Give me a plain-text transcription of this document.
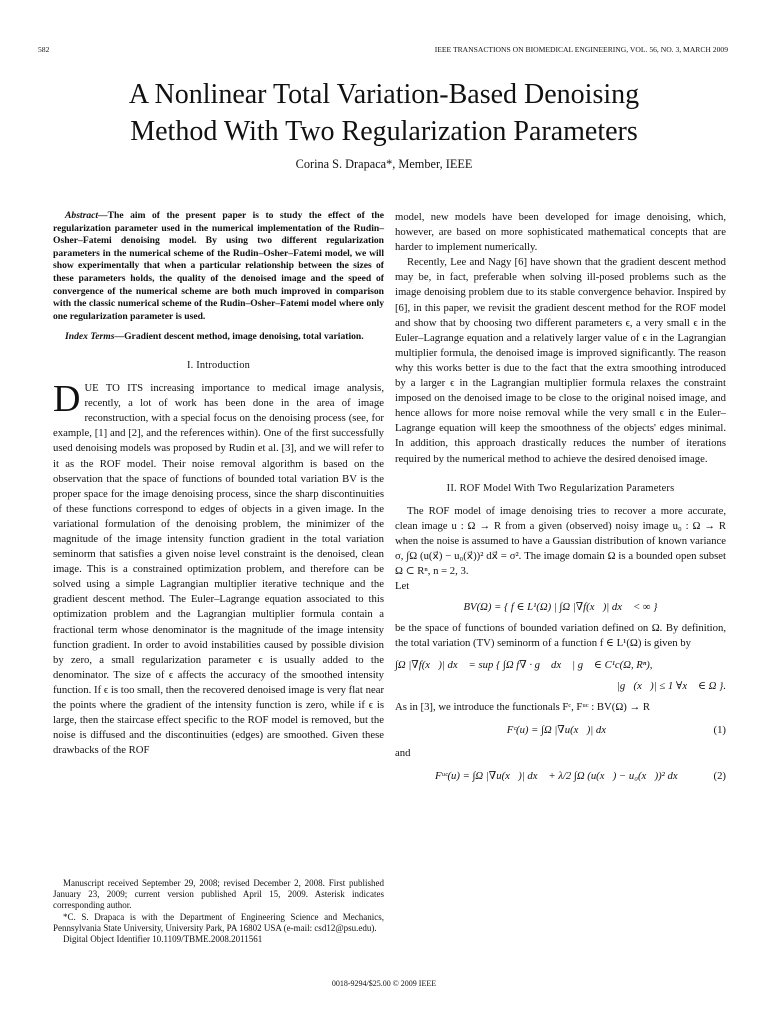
582	IEEE TRANSACTIONS ON BIOMEDICAL ENGINEERING, VOL. 56, NO. 3, MARCH 2009
A Nonlinear Total Variation-Based Denoising
Method With Two Regularization Parameters
Corina S. Drapaca*, Member, IEEE

Abstract—The aim of the present paper is to study the effect of the regularization parameter used in the numerical implementation of the Rudin–Osher–Fatemi denoising model. By using two different regularization parameters in the numerical scheme of the Rudin–Osher–Fatemi model, we will show experimentally that when a particular relationship between the sizes of these parameters holds, the quality of the denoised image and the speed of convergence of the numerical scheme are both much improved in comparison with the classic numerical scheme of the Rudin–Osher–Fatemi model where only one regularization parameter is used.

Index Terms—Gradient descent method, image denoising, total variation.

I. Introduction

DUE TO ITS increasing importance to medical image analysis, recently, a lot of work has been done in the area of image reconstruction, with a special focus on the denoising process (see, for example, [1] and [2], and the references within). One of the first successfully used denoising models was proposed by Rudin et al. [3], and we will refer to it as the ROF model. Their noise removal algorithm is based on the observation that the space of functions of bounded total variation BV is the proper space for the image denoising process, since the sharp discontinuities of these functions correspond to edges of objects in a given image. In the variational formulation of the denoising problem, the minimizer of the magnitude of the image intensity function gradient in the total variation seminorm that satisfies a given noise level constraint is the denoised, clean image. This is a constrained optimization problem, and therefore can be solved using a simple Lagrangian multiplier iterative technique and the gradient descent method. The Euler–Lagrange equation associated to this optimization problem and the Lagrangian multiplier formula contain a fractional term whose denominator is the magnitude of the image intensity function gradient. In order to avoid instabilities caused by possible division by zero, a small regularization parameter ϵ is usually added to the denominator. The size of ϵ affects the accuracy of the smoothed intensity function. If ϵ is too small, then the recovered denoised image is very flat near the points where the gradient of the intensity function is zero, while if ϵ is large, then the staircase effect specific to the ROF model is removed, but the noise is diffused and the discontinuities (edges) are smoothed. Given these drawbacks of the ROF

model, new models have been developed for image denoising, which, however, are based on more sophisticated mathematical concepts that are harder to implement numerically.

Recently, Lee and Nagy [6] have shown that the gradient descent method may be, in fact, preferable when solving ill-posed problems such as the image denoising problem due to its stable convergence behavior. Inspired by [6], in this paper, we revisit the gradient descent method for the ROF model and show that by choosing two different parameters ϵ, a very small ϵ in the Euler–Lagrange equation and a relatively larger value of ϵ in the Lagrangian multiplier formula, the denoised image is improved significantly. The reason why this works better is due to the fact that the extra smoothing introduced by a larger ϵ in the Lagrangian multiplier formula relaxes the constraint imposed on the denoised image to be close to the original noised image, and hence allows for more noise removal while the very small ϵ in the Euler–Lagrange equation will keep the smoothness of the objects' edges minimal. In addition, this approach drastically reduces the number of iterations required by the numerical method to achieve the desired denoised image.

II. ROF Model With Two Regularization Parameters

The ROF model of image denoising tries to recover a more accurate, clean image u : Ω → R from a given (observed) noisy image u₀ : Ω → R when the noise is assumed to have a Gaussian distribution of known variance σ, ∫Ω (u(x⃗) − u₀(x⃗))² dx⃗ = σ². The image domain Ω is a bounded open subset Ω ⊂ Rⁿ, n = 2, 3.

Let

BV(Ω) = { f ∈ L¹(Ω) | ∫Ω |∇f(x⃗)| dx⃗ < ∞ }

be the space of functions of bounded variation defined on Ω. By definition, the total variation (TV) seminorm of a function f ∈ L¹(Ω) is given by

∫Ω |∇f(x⃗)| dx⃗ = sup { ∫Ω f∇ · g⃗ dx⃗ | g⃗ ∈ C¹c(Ω, Rⁿ),
|g⃗(x⃗)| ≤ 1 ∀x⃗ ∈ Ω }.

As in [3], we introduce the functionals Fᶜ, Fᵘᶜ : BV(Ω) → R

Fᶜ(u) = ∫Ω |∇u(x⃗)| dx⃗	(1)

and

Fᵘᶜ(u) = ∫Ω |∇u(x⃗)| dx⃗ + λ/2 ∫Ω (u(x⃗) − u₀(x⃗))² dx⃗	(2)

Manuscript received September 29, 2008; revised December 2, 2008. First published January 23, 2009; current version published April 15, 2009. Asterisk indicates corresponding author.

*C. S. Drapaca is with the Department of Engineering Science and Mechanics, Pennsylvania State University, University Park, PA 16802 USA (e-mail: csd12@psu.edu).

Digital Object Identifier 10.1109/TBME.2008.2011561

0018-9294/$25.00 © 2009 IEEE
